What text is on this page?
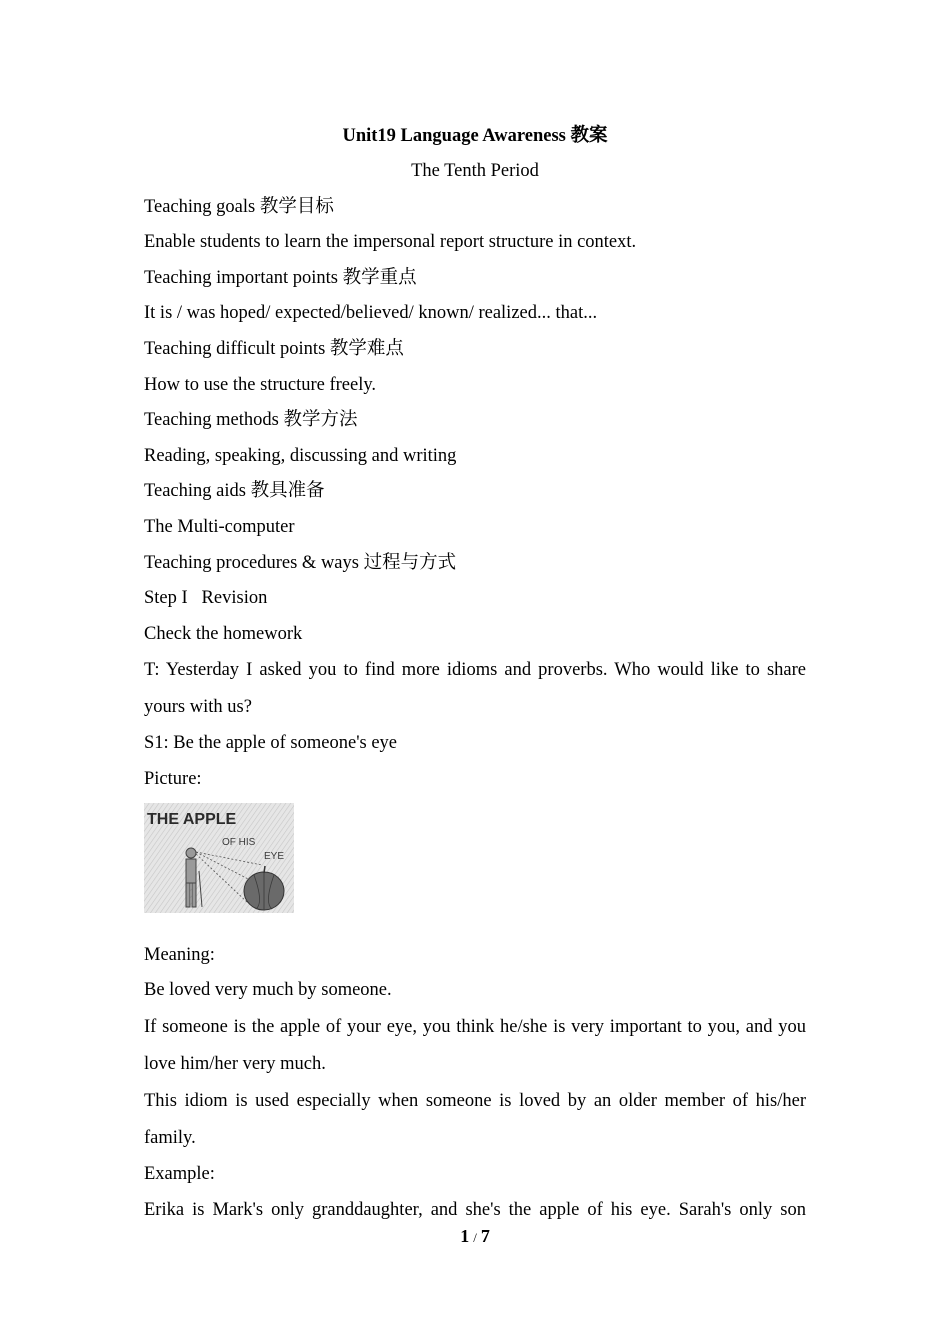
Unit19 Language Awareness 教案

The Tenth Period

Teaching goals 教学目标

Enable students to learn the impersonal report structure in context.

Teaching important points 教学重点

It is / was hoped/ expected/believed/ known/ realized... that...

Teaching difficult points 教学难点

How to use the structure freely.

Teaching methods 教学方法

Reading, speaking, discussing and writing

Teaching aids 教具准备

The Multi-computer

Teaching procedures & ways 过程与方式

Step I   Revision

Check the homework

T: Yesterday I asked you to find more idioms and proverbs. Who would like to share yours with us?

S1: Be the apple of someone's eye

Picture:

THE APPLE
OF HIS
EYE

Meaning:

Be loved very much by someone.

If someone is the apple of your eye, you think he/she is very important to you, and you love him/her very much.

This idiom is used especially when someone is loved by an older member of his/her family.

Example:

Erika is Mark's only granddaughter, and she's the apple of his eye. Sarah's only son

1 / 7
